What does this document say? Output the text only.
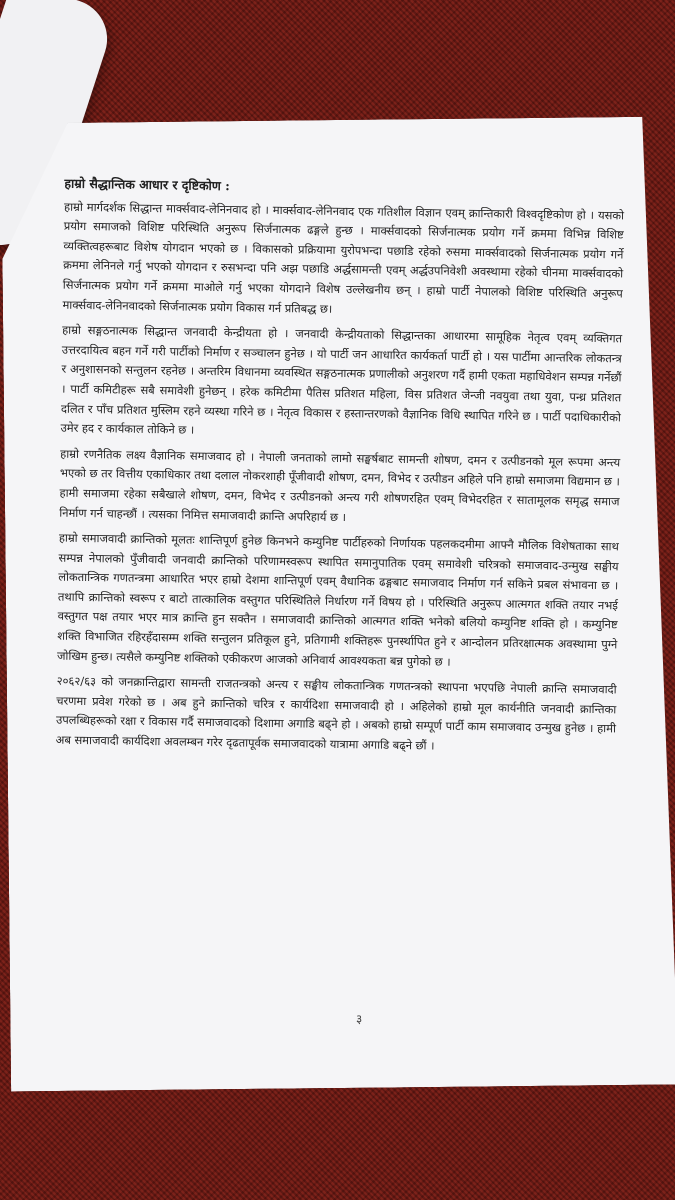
हाम्रो सैद्धान्तिक आधार र दृष्टिकोण :

हाम्रो मार्गदर्शक सिद्धान्त मार्क्सवाद-लेनिनवाद हो । मार्क्सवाद-लेनिनवाद एक गतिशील विज्ञान एवम् क्रान्तिकारी विश्वदृष्टिकोण हो । यसको प्रयोग समाजको विशिष्ट परिस्थिति अनुरूप सिर्जनात्मक ढङ्गले हुन्छ । मार्क्सवादको सिर्जनात्मक प्रयोग गर्ने क्रममा विभिन्न विशिष्ट व्यक्तित्वहरूबाट विशेष योगदान भएको छ । विकासको प्रक्रियामा युरोपभन्दा पछाडि रहेको रुसमा मार्क्सवादको सिर्जनात्मक प्रयोग गर्ने क्रममा लेनिनले गर्नु भएको योगदान र रुसभन्दा पनि अझ पछाडि अर्द्धसामन्ती एवम् अर्द्धउपनिवेशी अवस्थामा रहेको चीनमा मार्क्सवादको सिर्जनात्मक प्रयोग गर्ने क्रममा माओले गर्नु भएका योगदाने विशेष उल्लेखनीय छन् । हाम्रो पार्टी नेपालको विशिष्ट परिस्थिति अनुरूप मार्क्सवाद-लेनिनवादको सिर्जनात्मक प्रयोग विकास गर्न प्रतिबद्ध छ।

हाम्रो सङ्गठनात्मक सिद्धान्त जनवादी केन्द्रीयता हो । जनवादी केन्द्रीयताको सिद्धान्तका आधारमा सामूहिक नेतृत्व एवम् व्यक्तिगत उत्तरदायित्व बहन गर्ने गरी पार्टीको निर्माण र सञ्चालन हुनेछ । यो पार्टी जन आधारित कार्यकर्ता पार्टी हो । यस पार्टीमा आन्तरिक लोकतन्त्र र अनुशासनको सन्तुलन रहनेछ । अन्तरिम विधानमा व्यवस्थित सङ्गठनात्मक प्रणालीको अनुशरण गर्दै हामी एकता महाधिवेशन सम्पन्न गर्नेछौं । पार्टी कमिटीहरू सबै समावेशी हुनेछन् । हरेक कमिटीमा पैतिस प्रतिशत महिला, विस प्रतिशत जेन्जी नवयुवा तथा युवा, पन्ध्र प्रतिशत दलित र पाँच प्रतिशत मुस्लिम रहने व्यस्था गरिने छ । नेतृत्व विकास र हस्तान्तरणको वैज्ञानिक विधि स्थापित गरिने छ । पार्टी पदाधिकारीको उमेर हद र कार्यकाल तोकिने छ ।

हाम्रो रणनैतिक लक्ष्य वैज्ञानिक समाजवाद हो । नेपाली जनताको लामो सङ्घर्षबाट सामन्ती शोषण, दमन र उत्पीडनको मूल रूपमा अन्त्य भएको छ तर वित्तीय एकाधिकार तथा दलाल नोकरशाही पूँजीवादी शोषण, दमन, विभेद र उत्पीडन अहिले पनि हाम्रो समाजमा विद्यमान छ । हामी समाजमा रहेका सबैखाले शोषण, दमन, विभेद र उत्पीडनको अन्त्य गरी शोषणरहित एवम् विभेदरहित र सातामूलक समृद्ध समाज निर्माण गर्न चाहन्छौं । त्यसका निमित्त समाजवादी क्रान्ति अपरिहार्य छ ।

हाम्रो समाजवादी क्रान्तिको मूलतः शान्तिपूर्ण हुनेछ किनभने कम्युनिष्ट पार्टीहरुको निर्णायक पहलकदमीमा आफ्नै मौलिक विशेषताका साथ सम्पन्न नेपालको पुँजीवादी जनवादी क्रान्तिको परिणामस्वरूप स्थापित समानुपातिक एवम् समावेशी चरित्रको समाजवाद-उन्मुख सङ्घीय लोकतान्त्रिक गणतन्त्रमा आधारित भएर हाम्रो देशमा शान्तिपूर्ण एवम् वैधानिक ढङ्गबाट समाजवाद निर्माण गर्न सकिने प्रबल संभावना छ । तथापि क्रान्तिको स्वरूप र बाटो तात्कालिक वस्तुगत परिस्थितिले निर्धारण गर्ने विषय हो । परिस्थिति अनुरूप आत्मगत शक्ति तयार नभई वस्तुगत पक्ष तयार भएर मात्र क्रान्ति हुन सक्तैन । समाजवादी क्रान्तिको आत्मगत शक्ति भनेको बलियो कम्युनिष्ट शक्ति हो । कम्युनिष्ट शक्ति विभाजित रहिरहँदासम्म शक्ति सन्तुलन प्रतिकूल हुने, प्रतिगामी शक्तिहरू पुनर्स्थापित हुने र आन्दोलन प्रतिरक्षात्मक अवस्थामा पुग्ने जोखिम हुन्छ। त्यसैले कम्युनिष्ट शक्तिको एकीकरण आजको अनिवार्य आवश्यकता बन्न पुगेको छ ।

२०६२/६३ को जनक्रान्तिद्वारा सामन्ती राजतन्त्रको अन्त्य र सङ्घीय लोकतान्त्रिक गणतन्त्रको स्थापना भएपछि नेपाली क्रान्ति समाजवादी चरणमा प्रवेश गरेको छ । अब हुने क्रान्तिको चरित्र र कार्यदिशा समाजवादी हो । अहिलेको हाम्रो मूल कार्यनीति जनवादी क्रान्तिका उपलब्धिहरूको रक्षा र विकास गर्दै समाजवादको दिशामा अगाडि बढ्ने हो । अबको हाम्रो सम्पूर्ण पार्टी काम समाजवाद उन्मुख हुनेछ । हामी अब समाजवादी कार्यदिशा अवलम्बन गरेर दृढतापूर्वक समाजवादको यात्रामा अगाडि बढ्ने छौं ।

३
